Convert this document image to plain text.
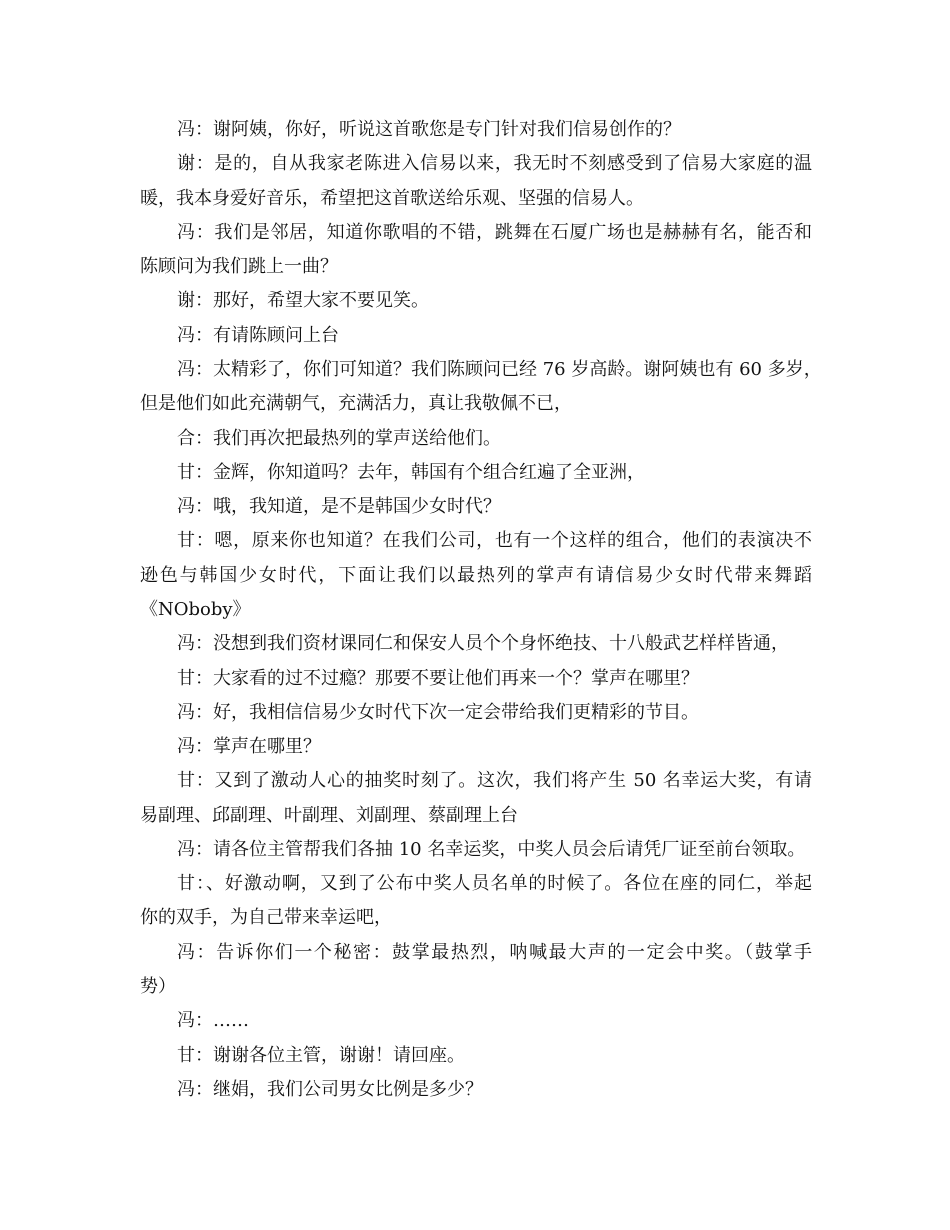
冯：谢阿姨，你好，听说这首歌您是专门针对我们信易创作的？
谢：是的，自从我家老陈进入信易以来，我无时不刻感受到了信易大家庭的温
暖，我本身爱好音乐，希望把这首歌送给乐观、坚强的信易人。
冯：我们是邻居，知道你歌唱的不错，跳舞在石厦广场也是赫赫有名，能否和
陈顾问为我们跳上一曲？
谢：那好，希望大家不要见笑。
冯：有请陈顾问上台
冯：太精彩了，你们可知道？我们陈顾问已经 76 岁高龄。谢阿姨也有 60 多岁，
但是他们如此充满朝气，充满活力，真让我敬佩不已，
合：我们再次把最热列的掌声送给他们。
甘：金辉，你知道吗？去年，韩国有个组合红遍了全亚洲，
冯：哦，我知道，是不是韩国少女时代？
甘：嗯，原来你也知道？在我们公司，也有一个这样的组合，他们的表演决不
逊色与韩国少女时代，下面让我们以最热列的掌声有请信易少女时代带来舞蹈
《NOboby》
冯：没想到我们资材课同仁和保安人员个个身怀绝技、十八般武艺样样皆通，
甘：大家看的过不过瘾？那要不要让他们再来一个？掌声在哪里？
冯：好，我相信信易少女时代下次一定会带给我们更精彩的节目。
冯：掌声在哪里？
甘：又到了激动人心的抽奖时刻了。这次，我们将产生 50 名幸运大奖，有请
易副理、邱副理、叶副理、刘副理、蔡副理上台
冯：请各位主管帮我们各抽 10 名幸运奖，中奖人员会后请凭厂证至前台领取。
甘：、好激动啊，又到了公布中奖人员名单的时候了。各位在座的同仁，举起
你的双手，为自己带来幸运吧，
冯：告诉你们一个秘密：鼓掌最热烈，呐喊最大声的一定会中奖。（鼓掌手
势）
冯：……
甘：谢谢各位主管，谢谢！请回座。
冯：继娟，我们公司男女比例是多少？
